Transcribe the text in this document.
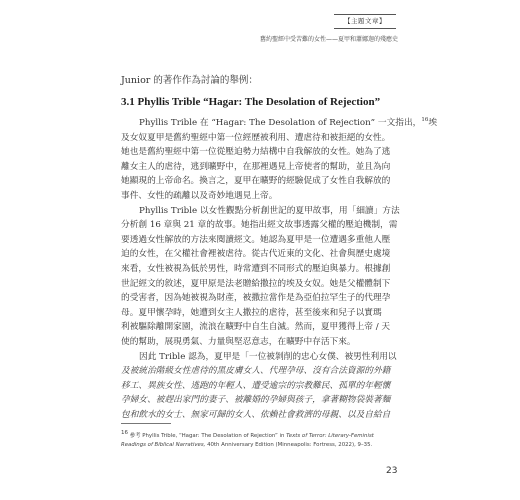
【主題文章】
舊約聖經中受苦難的女性——夏甲和蕭娜迦的殘應史
Junior 的著作作為討論的舉例：
3.1 Phyllis Trible “Hagar: The Desolation of Rejection”

Phyllis Trible 在 “Hagar: The Desolation of Rejection” 一文指出，$^{16}$埃
及女奴夏甲是舊約聖經中第一位經歷被利用、遭虐待和被拒絕的女性。
她也是舊約聖經中第一位從壓迫勢力結構中自我解放的女性。她為了逃
離女主人的虐待，逃到曠野中，在那裡遇見上帝使者的幫助，並且為向
她顯現的上帝命名。換言之，夏甲在曠野的經驗促成了女性自我解放的
事件、女性的疏離以及奇妙地遇見上帝。

Phyllis Trible 以女性觀點分析創世記的夏甲故事，用「細讀」方法
分析創 16 章與 21 章的故事。她指出經文故事透露父權的壓迫機制，需
要透過女性解放的方法來閱讀經文。她認為夏甲是一位遭遇多重他人壓
迫的女性，在父權社會裡被虐待。從古代近東的文化、社會與歷史處境
來看，女性被視為低於男性，時常遭到不同形式的壓迫與暴力。根據創
世記經文的敘述，夏甲原是法老贈給撒拉的埃及女奴。她是父權體制下
的受害者，因為她被視為財產，被撒拉當作是為亞伯拉罕生子的代理孕
母。夏甲懷孕時，她遭到女主人撒拉的虐待，甚至後來和兒子以實瑪
利被驅除離開家園，流浪在曠野中自生自滅。然而，夏甲獲得上帝 / 天
使的幫助，展現勇氣、力量與堅忍意志，在曠野中存活下來。

因此 Trible 認為，夏甲是「一位被剝削的忠心女僕、被男性利用以
及被統治階級女性虐待的黑皮膚女人、代理孕母、沒有合法資源的外籍
移工、異族女性、逃跑的年輕人、遭受逾宗的宗教難民、孤單的年輕懷
孕婦女、被趕出家門的妻子、被離婚的孕婦與孩子，拿著糊物袋裝著麵
包和飲水的女士、無家可歸的女人、依賴社會救濟的母親、以及自給自

$^{16}$ 參考 Phyllis Trible, “Hagar: The Desolation of Rejection” in Texts of Terror: Literary-Feminist
Readings of Biblical Narratives, 40th Anniversary Edition (Minneapolis: Fortress, 2022), 9–35.
23
